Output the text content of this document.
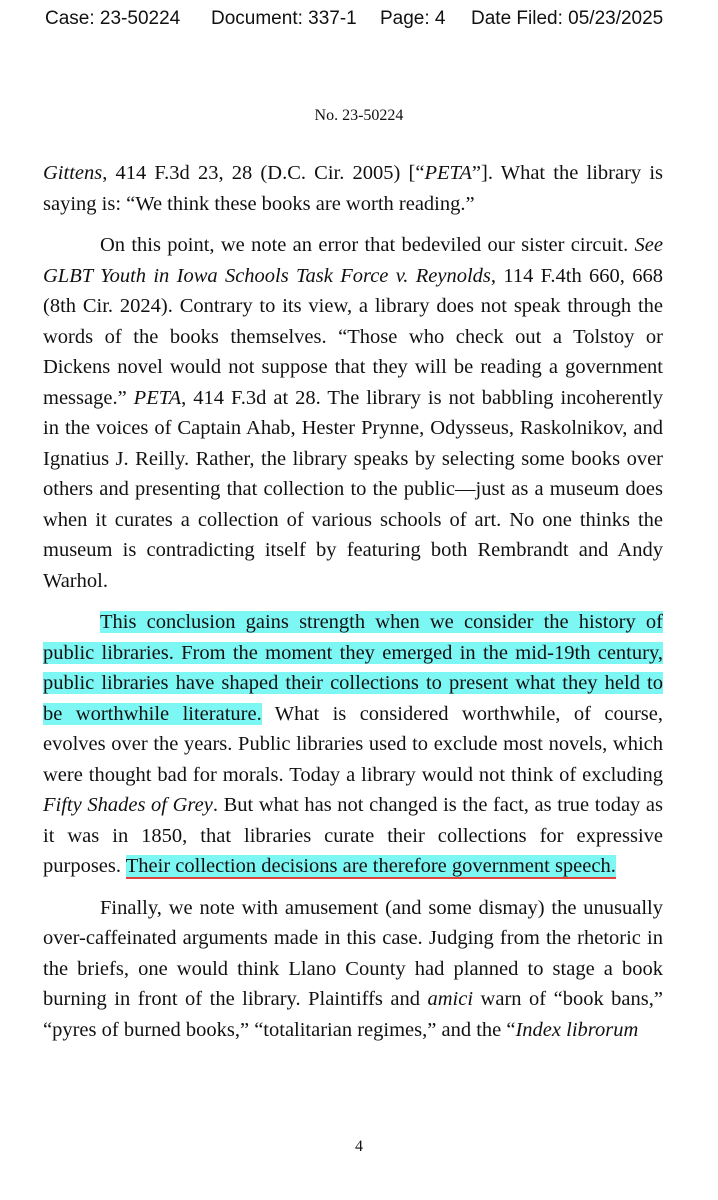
Case: 23-50224 Document: 337-1 Page: 4 Date Filed: 05/23/2025
No. 23-50224

Gittens, 414 F.3d 23, 28 (D.C. Cir. 2005) [“PETA”]. What the library is saying is: “We think these books are worth reading.”

On this point, we note an error that bedeviled our sister circuit. See GLBT Youth in Iowa Schools Task Force v. Reynolds, 114 F.4th 660, 668 (8th Cir. 2024). Contrary to its view, a library does not speak through the words of the books themselves. “Those who check out a Tolstoy or Dickens novel would not suppose that they will be reading a government message.” PETA, 414 F.3d at 28. The library is not babbling incoherently in the voices of Captain Ahab, Hester Prynne, Odysseus, Raskolnikov, and Ignatius J. Reilly. Rather, the library speaks by selecting some books over others and presenting that collection to the public—just as a museum does when it curates a collection of various schools of art. No one thinks the museum is contradicting itself by featuring both Rembrandt and Andy Warhol.

This conclusion gains strength when we consider the history of public libraries. From the moment they emerged in the mid-19th century, public libraries have shaped their collections to present what they held to be worthwhile literature. What is considered worthwhile, of course, evolves over the years. Public libraries used to exclude most novels, which were thought bad for morals. Today a library would not think of excluding Fifty Shades of Grey. But what has not changed is the fact, as true today as it was in 1850, that libraries curate their collections for expressive purposes. Their collection decisions are therefore government speech.

Finally, we note with amusement (and some dismay) the unusually over-caffeinated arguments made in this case. Judging from the rhetoric in the briefs, one would think Llano County had planned to stage a book burning in front of the library. Plaintiffs and amici warn of “book bans,” “pyres of burned books,” “totalitarian regimes,” and the “Index librorum

4
